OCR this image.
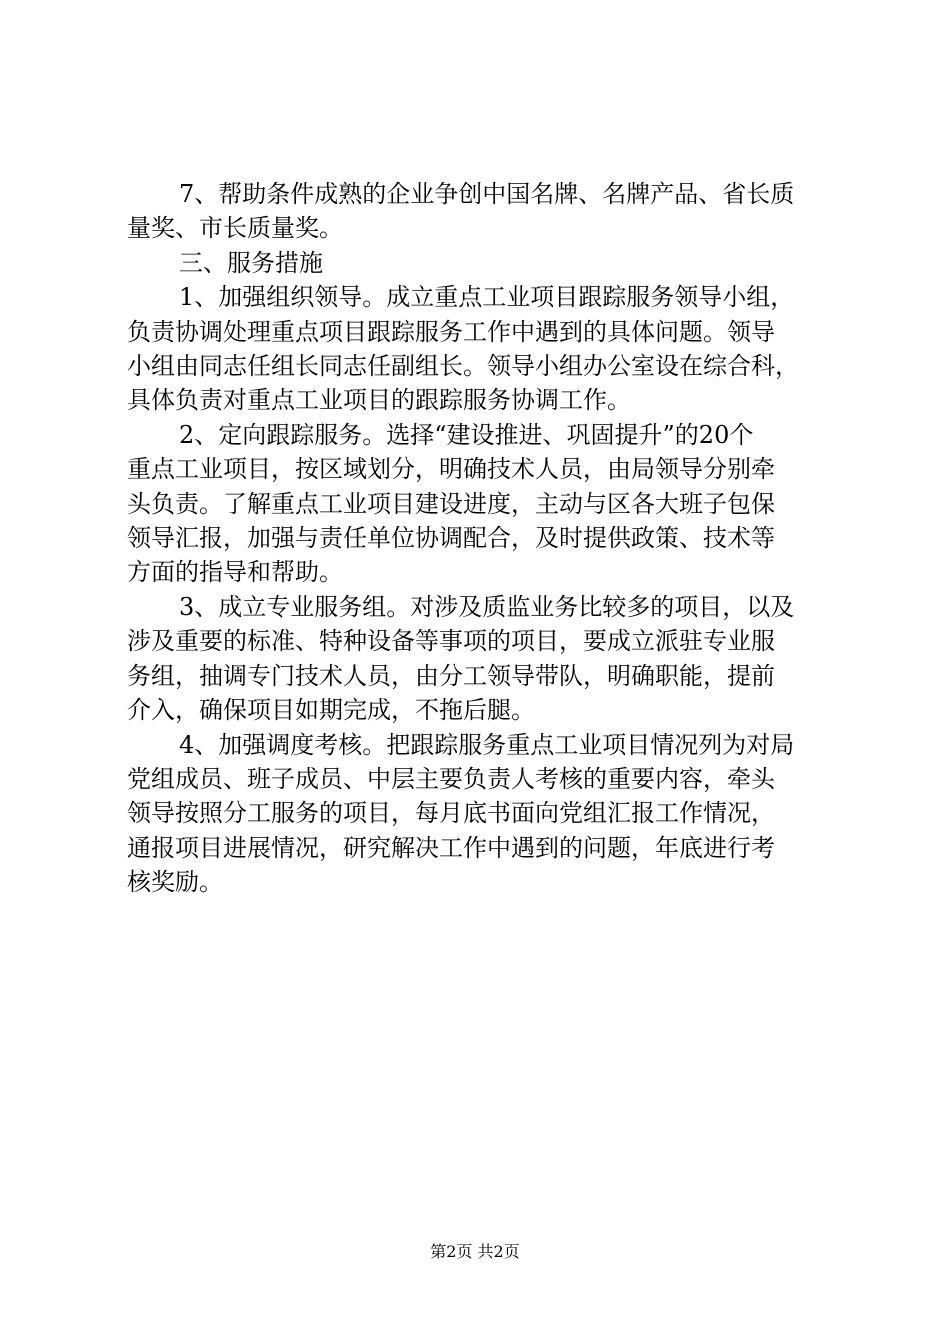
7、帮助条件成熟的企业争创中国名牌、名牌产品、省长质
量奖、市长质量奖。
三、服务措施
1、加强组织领导。成立重点工业项目跟踪服务领导小组，
负责协调处理重点项目跟踪服务工作中遇到的具体问题。领导
小组由同志任组长同志任副组长。领导小组办公室设在综合科，
具体负责对重点工业项目的跟踪服务协调工作。
2、定向跟踪服务。选择“建设推进、巩固提升”的20个
重点工业项目，按区域划分，明确技术人员，由局领导分别牵
头负责。了解重点工业项目建设进度，主动与区各大班子包保
领导汇报，加强与责任单位协调配合，及时提供政策、技术等
方面的指导和帮助。
3、成立专业服务组。对涉及质监业务比较多的项目，以及
涉及重要的标准、特种设备等事项的项目，要成立派驻专业服
务组，抽调专门技术人员，由分工领导带队，明确职能，提前
介入，确保项目如期完成，不拖后腿。
4、加强调度考核。把跟踪服务重点工业项目情况列为对局
党组成员、班子成员、中层主要负责人考核的重要内容，牵头
领导按照分工服务的项目，每月底书面向党组汇报工作情况，
通报项目进展情况，研究解决工作中遇到的问题，年底进行考
核奖励。
第2页 共2页
